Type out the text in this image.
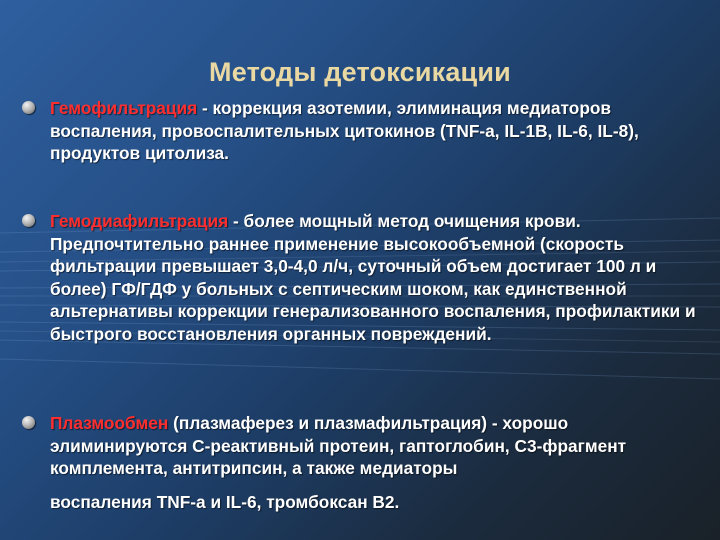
Методы детоксикации
Гемофильтрация - коррекция азотемии, элиминация медиаторов воспаления, провоспалительных цитокинов (TNF-a, IL-1B, IL-6, IL-8), продуктов цитолиза.
Гемодиафильтрация - более мощный метод очищения крови. Предпочтительно раннее применение высокообъемной (скорость фильтрации превышает 3,0-4,0 л/ч, суточный объем достигает 100 л и более) ГФ/ГДФ у больных с септическим шоком, как единственной альтернативы коррекции генерализованного воспаления, профилактики и быстрого восстановления органных повреждений.
Плазмообмен (плазмаферез и плазмафильтрация) - хорошо элиминируются С-реактивный протеин, гаптоглобин, С3-фрагмент комплемента, антитрипсин, а также медиаторы
воспаления TNF-a и IL-6, тромбоксан B2.
